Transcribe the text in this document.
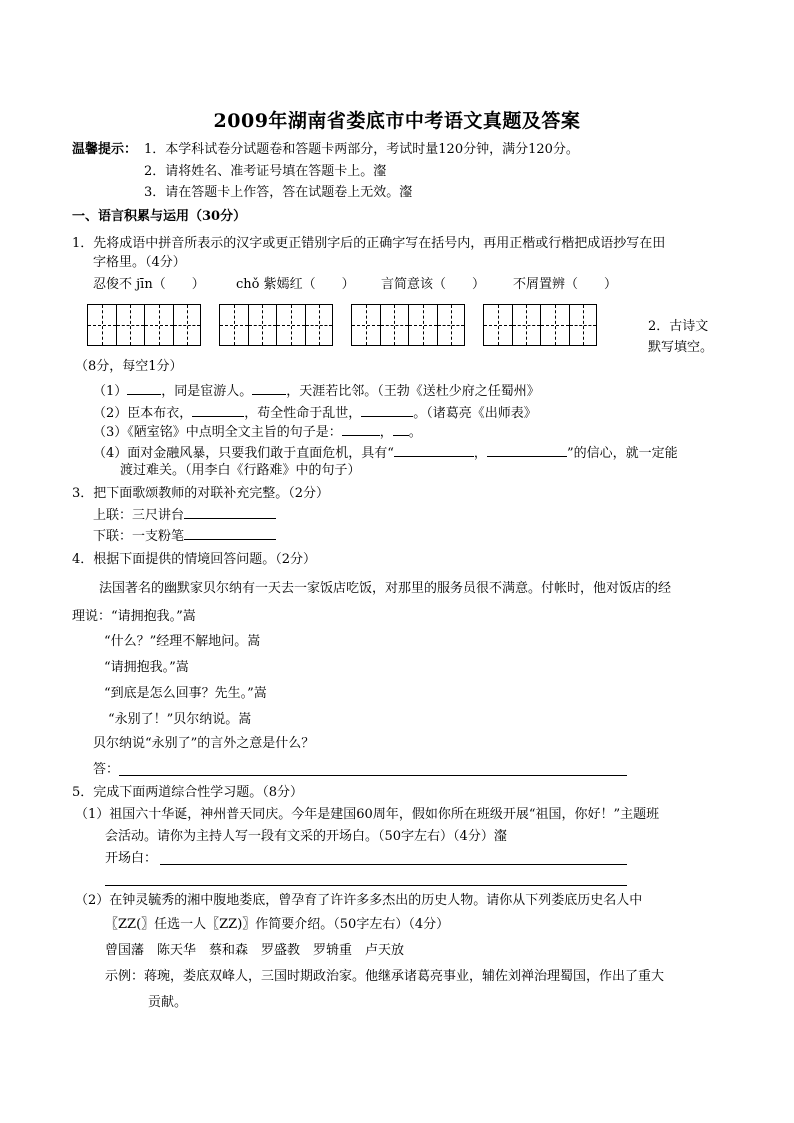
2009年湖南省娄底市中考语文真题及答案
温馨提示： 1．本学科试卷分试题卷和答题卡两部分，考试时量120分钟，满分120分。
2．请将姓名、准考证号填在答题卡上。瀣
3．请在答题卡上作答，答在试题卷上无效。瀣
一、语言积累与运用（30分）
1．先将成语中拼音所表示的汉字或更正错别字后的正确字写在括号内，再用正楷或行楷把成语抄写在田
字格里。（4分）
忍俊不 jīn（　　） chǒ 紫嫣红（　　） 言简意该（　　） 不屑置辨（　　）
2．古诗文
默写填空。
（8分，每空1分）
（1）	，同是宦游人。	，天涯若比邻。（王勃《送杜少府之任蜀州》
（2）臣本布衣，	，苟全性命于乱世，	。（诸葛亮《出师表》
（3）《陋室铭》中点明全文主旨的句子是：	， 。
（4）面对金融风暴，只要我们敢于直面危机，具有“	，	”的信心，就一定能
渡过难关。（用李白《行路难》中的句子）
3．把下面歌颂教师的对联补充完整。（2分）
上联：三尺讲台
下联：一支粉笔
4．根据下面提供的情境回答问题。（2分）
法国著名的幽默家贝尔纳有一天去一家饭店吃饭，对那里的服务员很不满意。付帐时，他对饭店的经
理说：“请拥抱我。”嵩
“什么？”经理不解地问。嵩
“请拥抱我。”嵩
“到底是怎么回事？先生。”嵩
“永别了！”贝尔纳说。嵩
贝尔纳说“永别了”的言外之意是什么？
答：
5．完成下面两道综合性学习题。（8分）
（1）祖国六十华诞，神州普天同庆。今年是建国60周年，假如你所在班级开展“祖国，你好！”主题班
会活动。请你为主持人写一段有文采的开场白。（50字左右）（4分）瀣
开场白：
（2）在钟灵毓秀的湘中腹地娄底，曾孕育了许许多多杰出的历史人物。请你从下列娄底历史名人中
〖ZZ(〗任选一人〖ZZ)〗作简要介绍。（50字左右）（4分）
曾国藩　陈天华　蔡和森　罗盛教　罗辀重　卢天放
示例：蒋琬，娄底双峰人，三国时期政治家。他继承诸葛亮事业，辅佐刘禅治理蜀国，作出了重大
贡献。
